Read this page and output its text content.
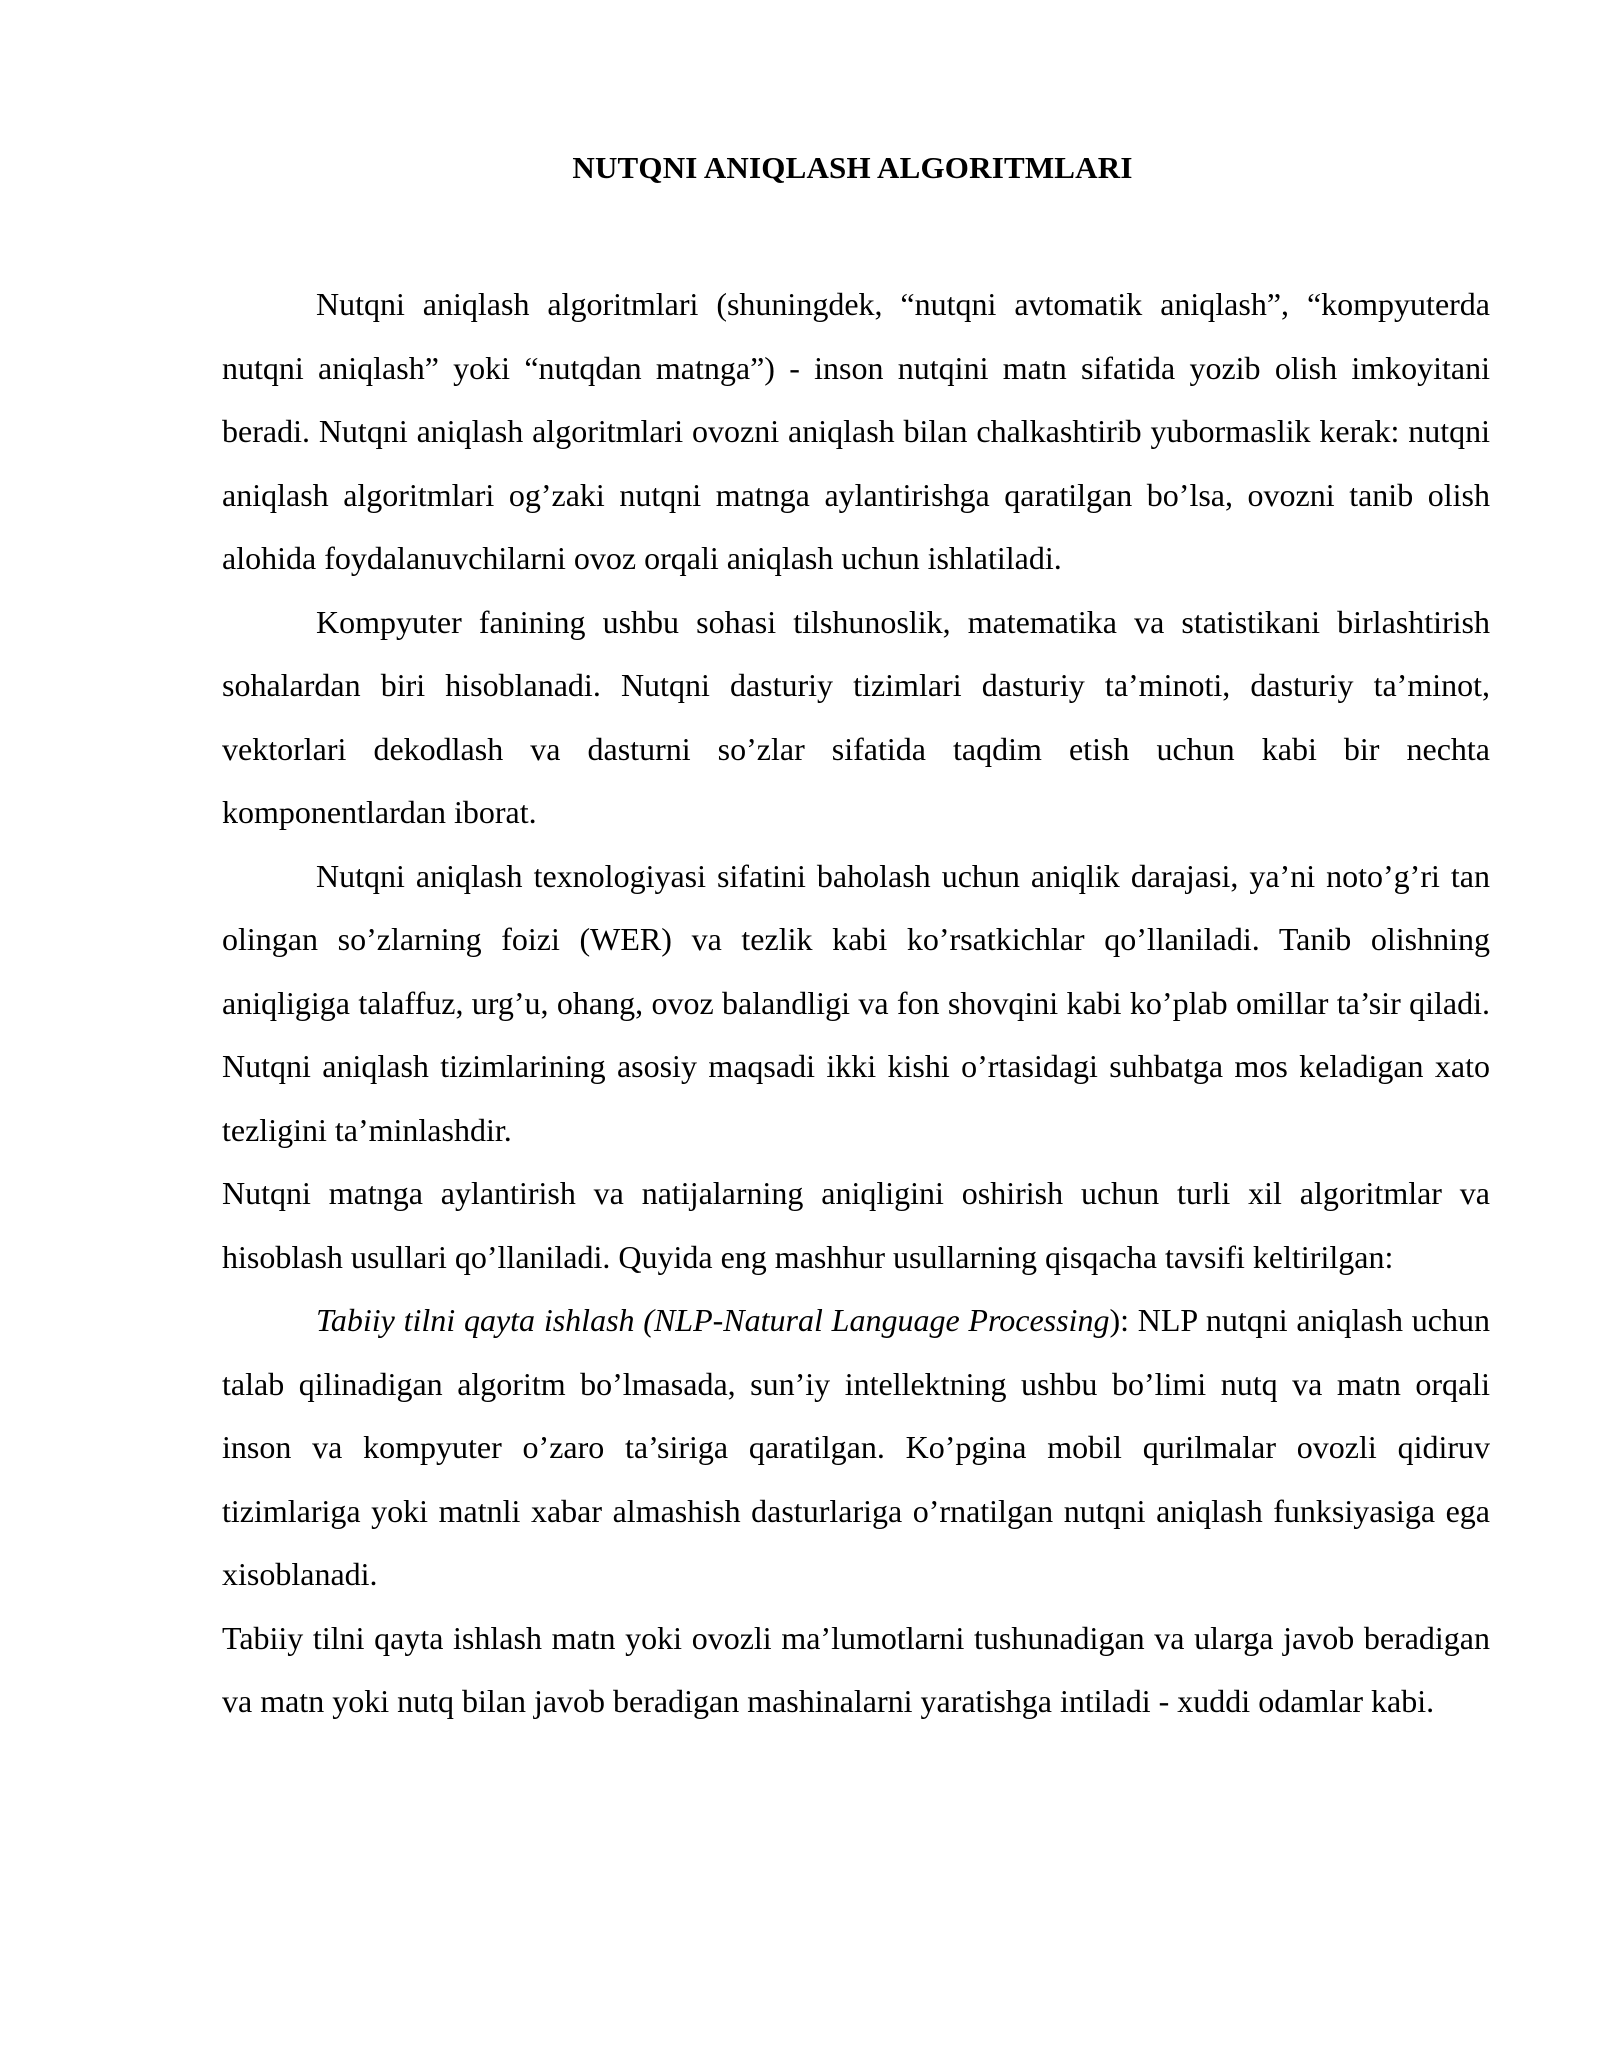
NUTQNI ANIQLASH ALGORITMLARI

Nutqni aniqlash algoritmlari (shuningdek, “nutqni avtomatik aniqlash”, “kompyuterda nutqni aniqlash” yoki “nutqdan matnga”) - inson nutqini matn sifatida yozib olish imkoyitani beradi. Nutqni aniqlash algoritmlari ovozni aniqlash bilan chalkashtirib yubormaslik kerak: nutqni aniqlash algoritmlari og’zaki nutqni matnga aylantirishga qaratilgan bo’lsa, ovozni tanib olish alohida foydalanuvchilarni ovoz orqali aniqlash uchun ishlatiladi.

Kompyuter fanining ushbu sohasi tilshunoslik, matematika va statistikani birlashtirish sohalardan biri hisoblanadi. Nutqni dasturiy tizimlari dasturiy ta’minoti, dasturiy ta’minot, vektorlari dekodlash va dasturni so’zlar sifatida taqdim etish uchun kabi bir nechta komponentlardan iborat.

Nutqni aniqlash texnologiyasi sifatini baholash uchun aniqlik darajasi, ya’ni noto’g’ri tan olingan so’zlarning foizi (WER) va tezlik kabi ko’rsatkichlar qo’llaniladi. Tanib olishning aniqligiga talaffuz, urg’u, ohang, ovoz balandligi va fon shovqini kabi ko’plab omillar ta’sir qiladi. Nutqni aniqlash tizimlarining asosiy maqsadi ikki kishi o’rtasidagi suhbatga mos keladigan xato tezligini ta’minlashdir.

Nutqni matnga aylantirish va natijalarning aniqligini oshirish uchun turli xil algoritmlar va hisoblash usullari qo’llaniladi. Quyida eng mashhur usullarning qisqacha tavsifi keltirilgan:

Tabiiy tilni qayta ishlash (NLP-Natural Language Processing): NLP nutqni aniqlash uchun talab qilinadigan algoritm bo’lmasada, sun’iy intellektning ushbu bo’limi nutq va matn orqali inson va kompyuter o’zaro ta’siriga qaratilgan. Ko’pgina mobil qurilmalar ovozli qidiruv tizimlariga yoki matnli xabar almashish dasturlariga o’rnatilgan nutqni aniqlash funksiyasiga ega xisoblanadi.

Tabiiy tilni qayta ishlash matn yoki ovozli ma’lumotlarni tushunadigan va ularga javob beradigan va matn yoki nutq bilan javob beradigan mashinalarni yaratishga intiladi - xuddi odamlar kabi.
